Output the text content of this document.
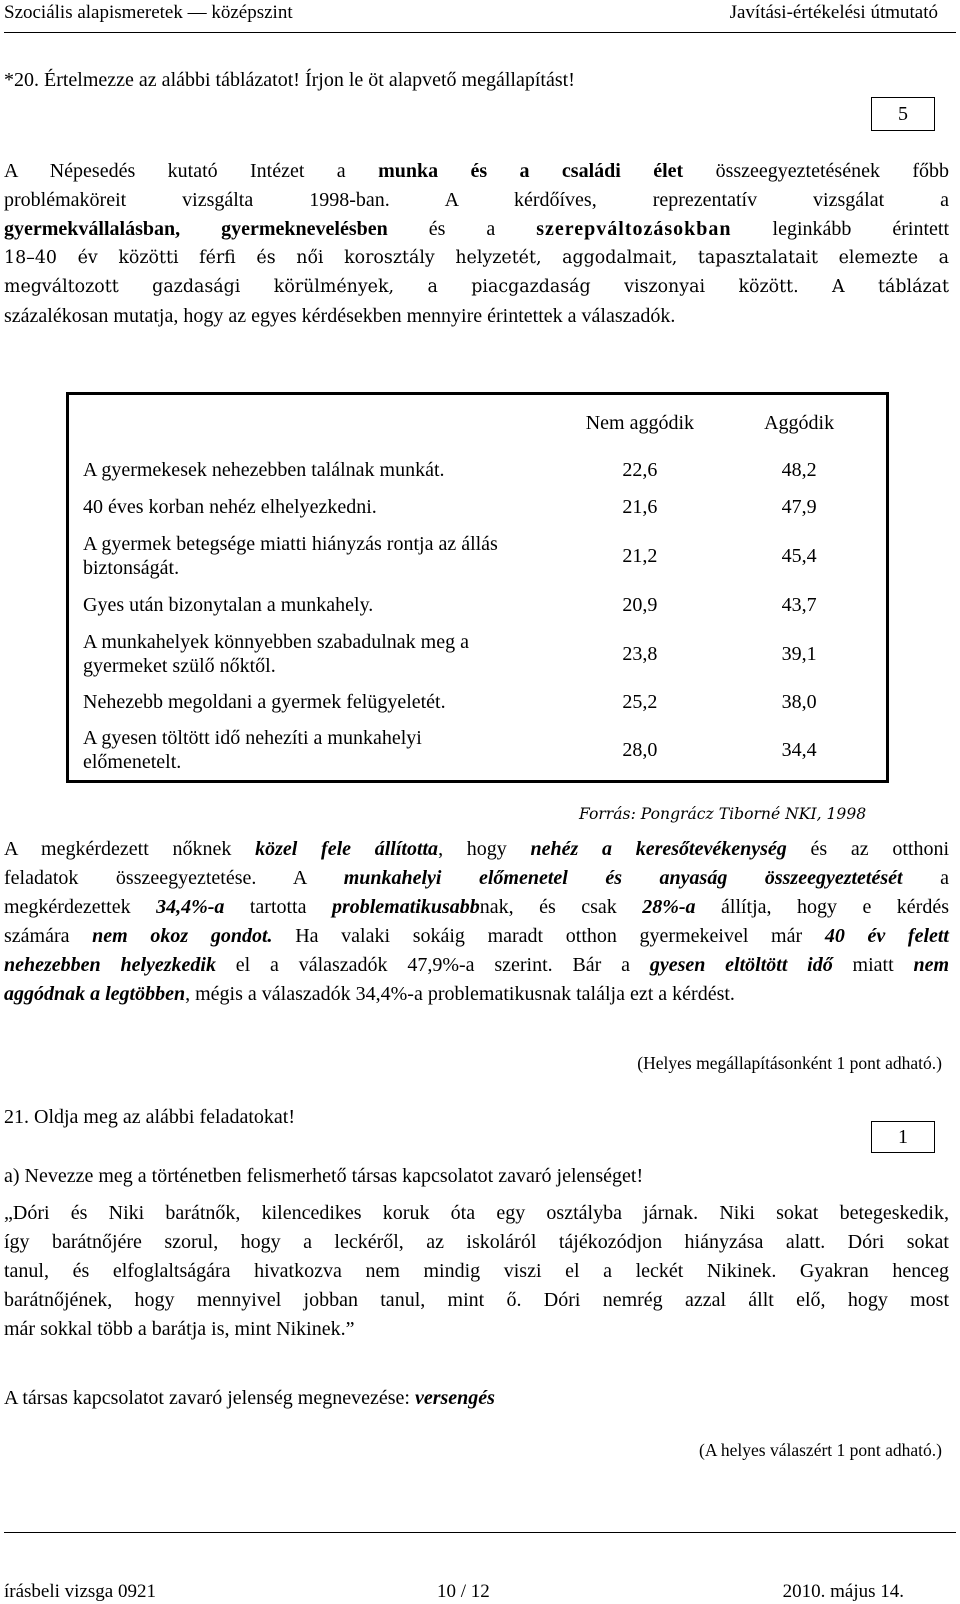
Szociális alapismeretek — középszint	Javítási-értékelési útmutató
*20. Értelmezze az alábbi táblázatot! Írjon le öt alapvető megállapítást!
5
A Népesedés kutató Intézet a munka és a családi élet összeegyeztetésének főbb
problémaköreit vizsgálta 1998-ban. A kérdőíves, reprezentatív vizsgálat a
gyermekvállalásban, gyermeknevelésben és a szerepváltozásokban leginkább érintett
18–40 év közötti férfi és női korosztály helyzetét, aggodalmait, tapasztalatait elemezte a
megváltozott gazdasági körülmények, a piacgazdaság viszonyai között. A táblázat
százalékosan mutatja, hogy az egyes kérdésekben mennyire érintettek a válaszadók.
	Nem aggódik	Aggódik
A gyermekesek nehezebben találnak munkát.	22,6	48,2
40 éves korban nehéz elhelyezkedni.	21,6	47,9
A gyermek betegsége miatti hiányzás rontja az állás biztonságát.	21,2	45,4
Gyes után bizonytalan a munkahely.	20,9	43,7
A munkahelyek könnyebben szabadulnak meg a gyermeket szülő nőktől.	23,8	39,1
Nehezebb megoldani a gyermek felügyeletét.	25,2	38,0
A gyesen töltött idő nehezíti a munkahelyi előmenetelt.	28,0	34,4
Forrás: Pongrácz Tiborné NKI, 1998
A megkérdezett nőknek közel fele állította, hogy nehéz a keresőtevékenység és az otthoni
feladatok összeegyeztetése. A munkahelyi előmenetel és anyaság összeegyeztetését a
megkérdezettek 34,4%-a tartotta problematikusabbnak, és csak 28%-a állítja, hogy e kérdés
számára nem okoz gondot. Ha valaki sokáig maradt otthon gyermekeivel már 40 év felett
nehezebben helyezkedik el a válaszadók 47,9%-a szerint. Bár a gyesen eltöltött idő miatt nem
aggódnak a legtöbben, mégis a válaszadók 34,4%-a problematikusnak találja ezt a kérdést.
(Helyes megállapításonként 1 pont adható.)
21. Oldja meg az alábbi feladatokat!
1
a) Nevezze meg a történetben felismerhető társas kapcsolatot zavaró jelenséget!
„Dóri és Niki barátnők, kilencedikes koruk óta egy osztályba járnak. Niki sokat betegeskedik,
így barátnőjére szorul, hogy a leckéről, az iskoláról tájékozódjon hiányzása alatt. Dóri sokat
tanul, és elfoglaltságára hivatkozva nem mindig viszi el a leckét Nikinek. Gyakran henceg
barátnőjének, hogy mennyivel jobban tanul, mint ő. Dóri nemrég azzal állt elő, hogy most
már sokkal több a barátja is, mint Nikinek.”
A társas kapcsolatot zavaró jelenség megnevezése: versengés
(A helyes válaszért 1 pont adható.)
írásbeli vizsga 0921	10 / 12	2010. május 14.
